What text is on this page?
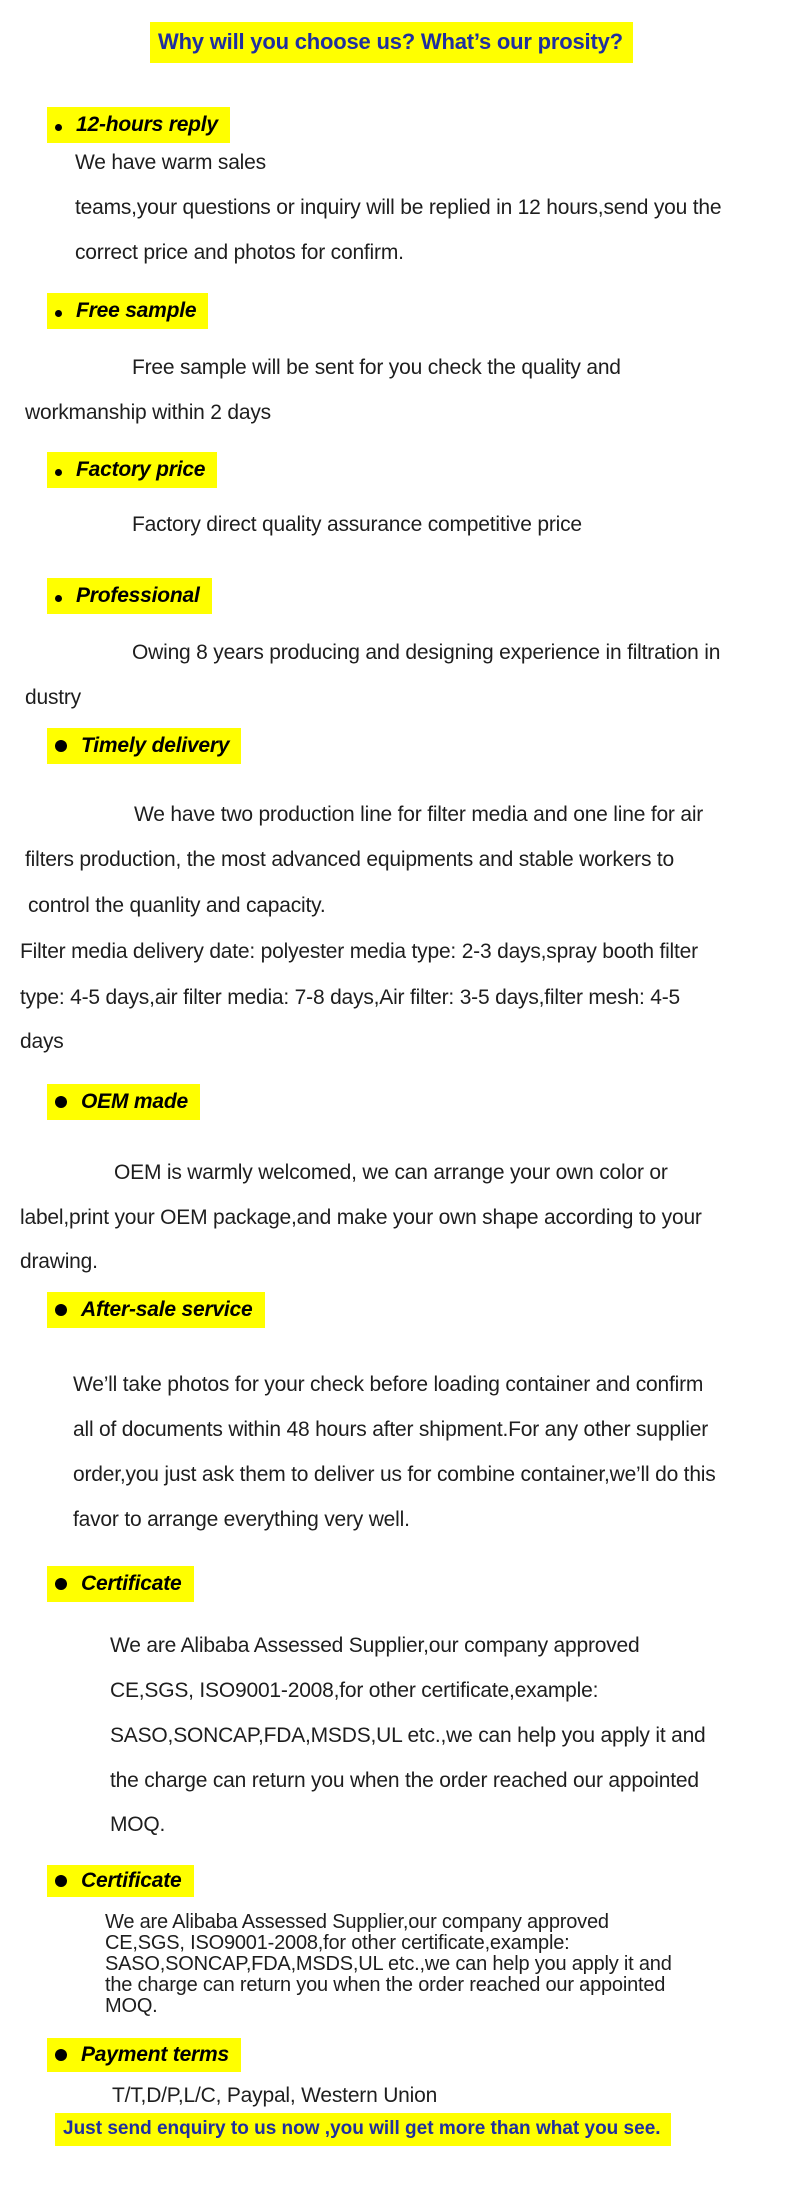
Why will you choose us? What’s our prosity?
12-hours reply
We have warm sales
teams,your questions or inquiry will be replied in 12 hours,send you the
correct price and photos for confirm.
Free sample
Free sample will be sent for you check the quality and
workmanship within 2 days
Factory price
Factory direct quality assurance competitive price
Professional
Owing 8 years producing and designing experience in filtration in
dustry
Timely delivery
We have two production line for filter media and one line for air
filters production, the most advanced equipments and stable workers to
control the quanlity and capacity.
Filter media delivery date: polyester media type: 2-3 days,spray booth filter
type: 4-5 days,air filter media: 7-8 days,Air filter: 3-5 days,filter mesh: 4-5
days
OEM made
OEM is warmly welcomed, we can arrange your own color or
label,print your OEM package,and make your own shape according to your
drawing.
After-sale service
We’ll take photos for your check before loading container and confirm
all of documents within 48 hours after shipment.For any other supplier
order,you just ask them to deliver us for combine container,we’ll do this
favor to arrange everything very well.
Certificate
We are Alibaba Assessed Supplier,our company approved
CE,SGS, ISO9001-2008,for other certificate,example:
SASO,SONCAP,FDA,MSDS,UL etc.,we can help you apply it and
the charge can return you when the order reached our appointed
MOQ.
Certificate
We are Alibaba Assessed Supplier,our company approved
CE,SGS, ISO9001-2008,for other certificate,example:
SASO,SONCAP,FDA,MSDS,UL etc.,we can help you apply it and
the charge can return you when the order reached our appointed
MOQ.
Payment terms
T/T,D/P,L/C, Paypal, Western Union
Just send enquiry to us now ,you will get more than what you see.
